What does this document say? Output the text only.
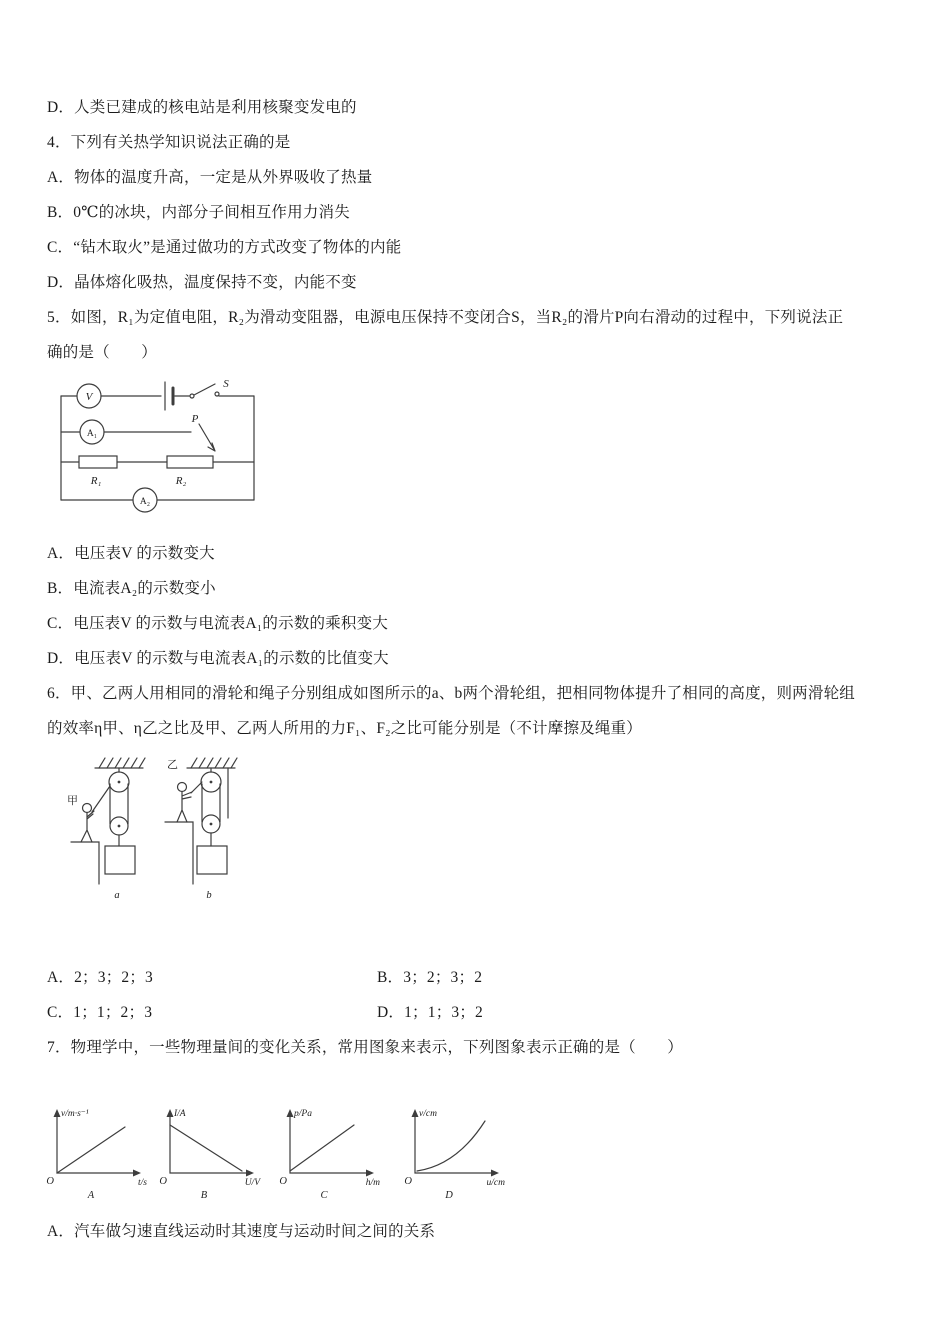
D．人类已建成的核电站是利用核聚变发电的
4．下列有关热学知识说法正确的是
A．物体的温度升高，一定是从外界吸收了热量
B．0℃的冰块，内部分子间相互作用力消失
C．“钻木取火”是通过做功的方式改变了物体的内能
D．晶体熔化吸热，温度保持不变，内能不变
5．如图，R₁为定值电阻，R₂为滑动变阻器，电源电压保持不变闭合S，当R₂的滑片P向右滑动的过程中，下列说法正
确的是（　　）
V
A₁
A₂
R₁	R₂
P
S
A．电压表V 的示数变大
B．电流表A₂的示数变小
C．电压表V 的示数与电流表A₁的示数的乘积变大
D．电压表V 的示数与电流表A₁的示数的比值变大
6．甲、乙两人用相同的滑轮和绳子分别组成如图所示的a、b两个滑轮组，把相同物体提升了相同的高度，则两滑轮组
的效率η甲、η乙之比及甲、乙两人所用的力F₁、F₂之比可能分别是（不计摩擦及绳重）
甲
乙
a	b
A．2；3；2；3	B．3；2；3；2
C．1；1；2；3	D．1；1；3；2
7．物理学中，一些物理量间的变化关系，常用图象来表示，下列图象表示正确的是（　　）
O
v/m·s⁻¹
t/s
A
O
I/A
U/V
B
O
p/Pa
h/m
C
O
v/cm
u/cm
D
A．汽车做匀速直线运动时其速度与运动时间之间的关系
